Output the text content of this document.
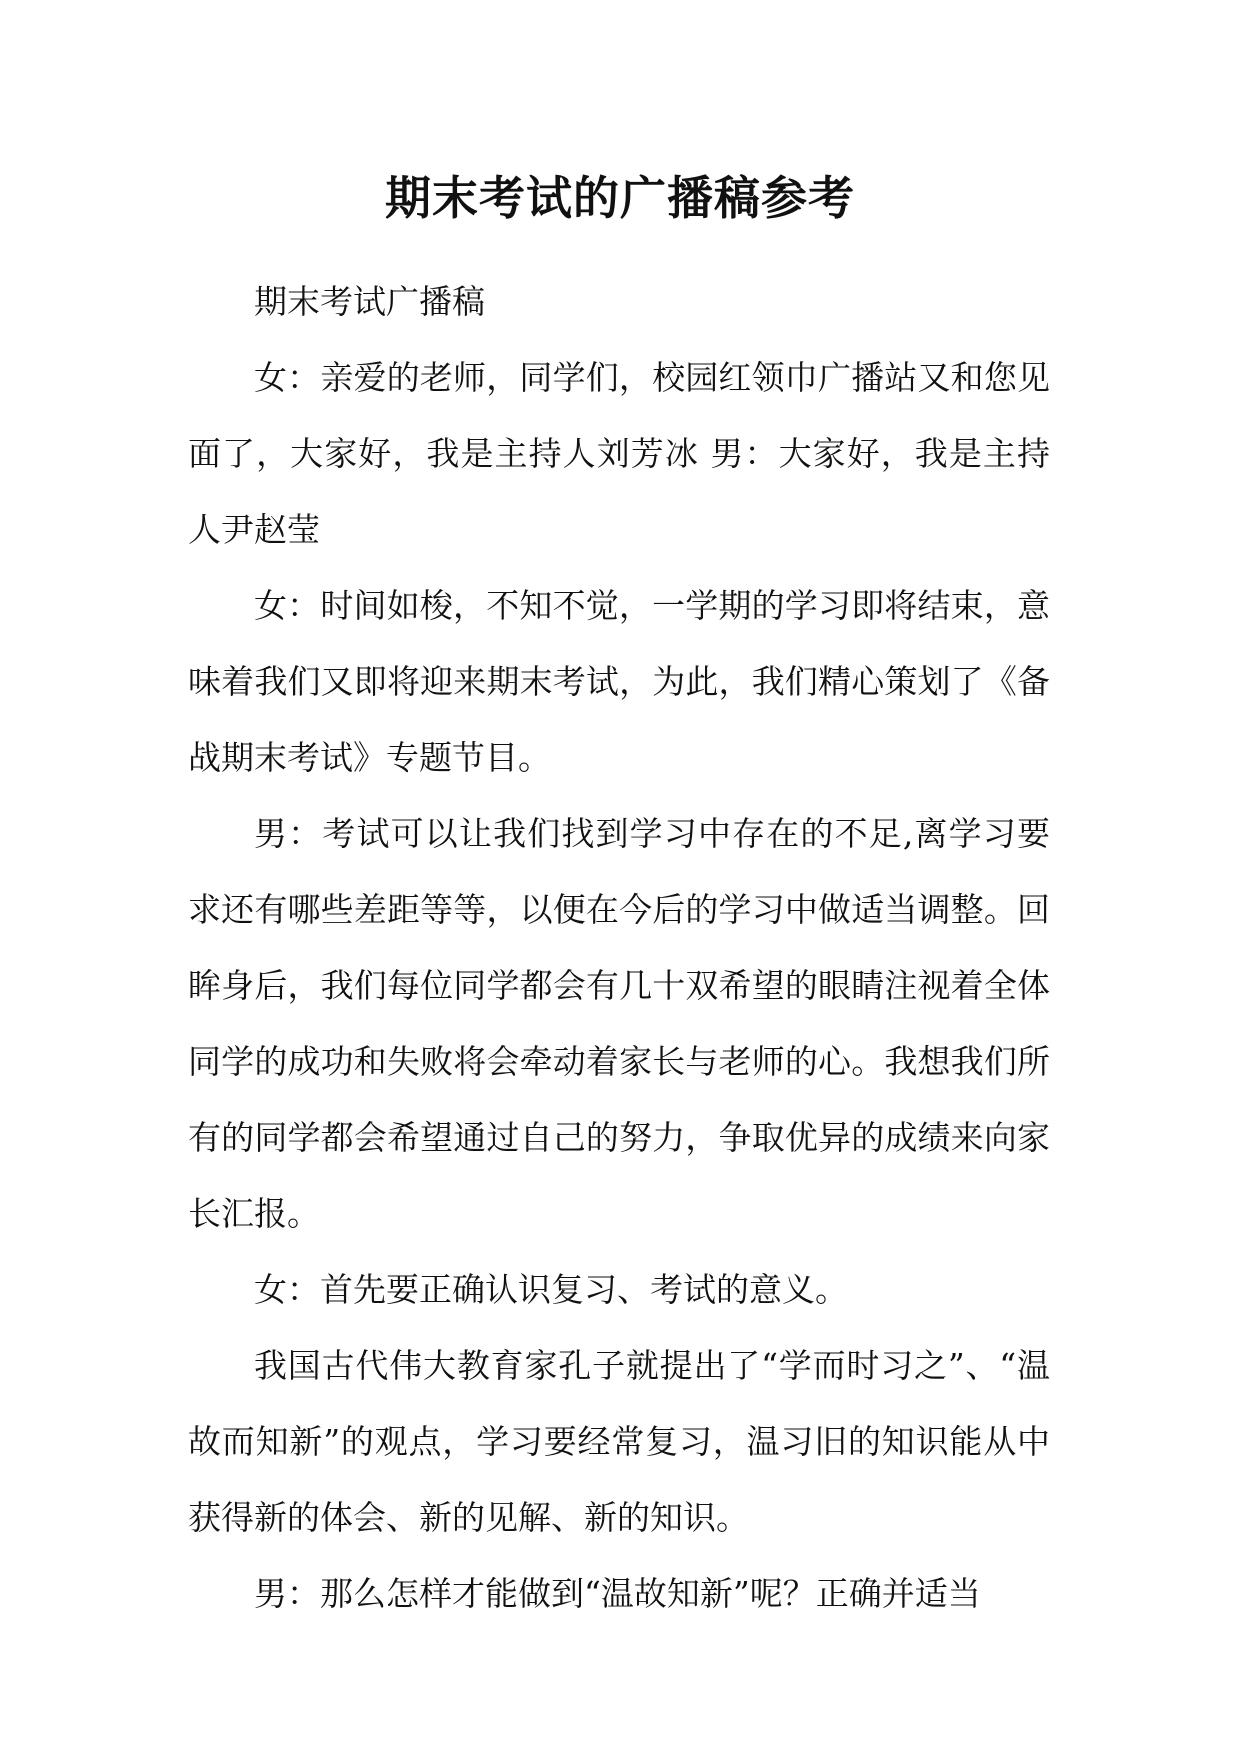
期末考试的广播稿参考

期末考试广播稿

女：亲爱的老师，同学们，校园红领巾广播站又和您见面了，大家好，我是主持人刘芳冰 男：大家好，我是主持人尹赵莹

女：时间如梭，不知不觉，一学期的学习即将结束，意味着我们又即将迎来期末考试，为此，我们精心策划了《备战期末考试》专题节目。

男：考试可以让我们找到学习中存在的不足,离学习要求还有哪些差距等等，以便在今后的学习中做适当调整。回眸身后，我们每位同学都会有几十双希望的眼睛注视着全体同学的成功和失败将会牵动着家长与老师的心。我想我们所有的同学都会希望通过自己的努力，争取优异的成绩来向家长汇报。

女：首先要正确认识复习、考试的意义。

我国古代伟大教育家孔子就提出了“学而时习之”、“温故而知新”的观点，学习要经常复习，温习旧的知识能从中获得新的体会、新的见解、新的知识。

男：那么怎样才能做到“温故知新”呢？正确并适当
